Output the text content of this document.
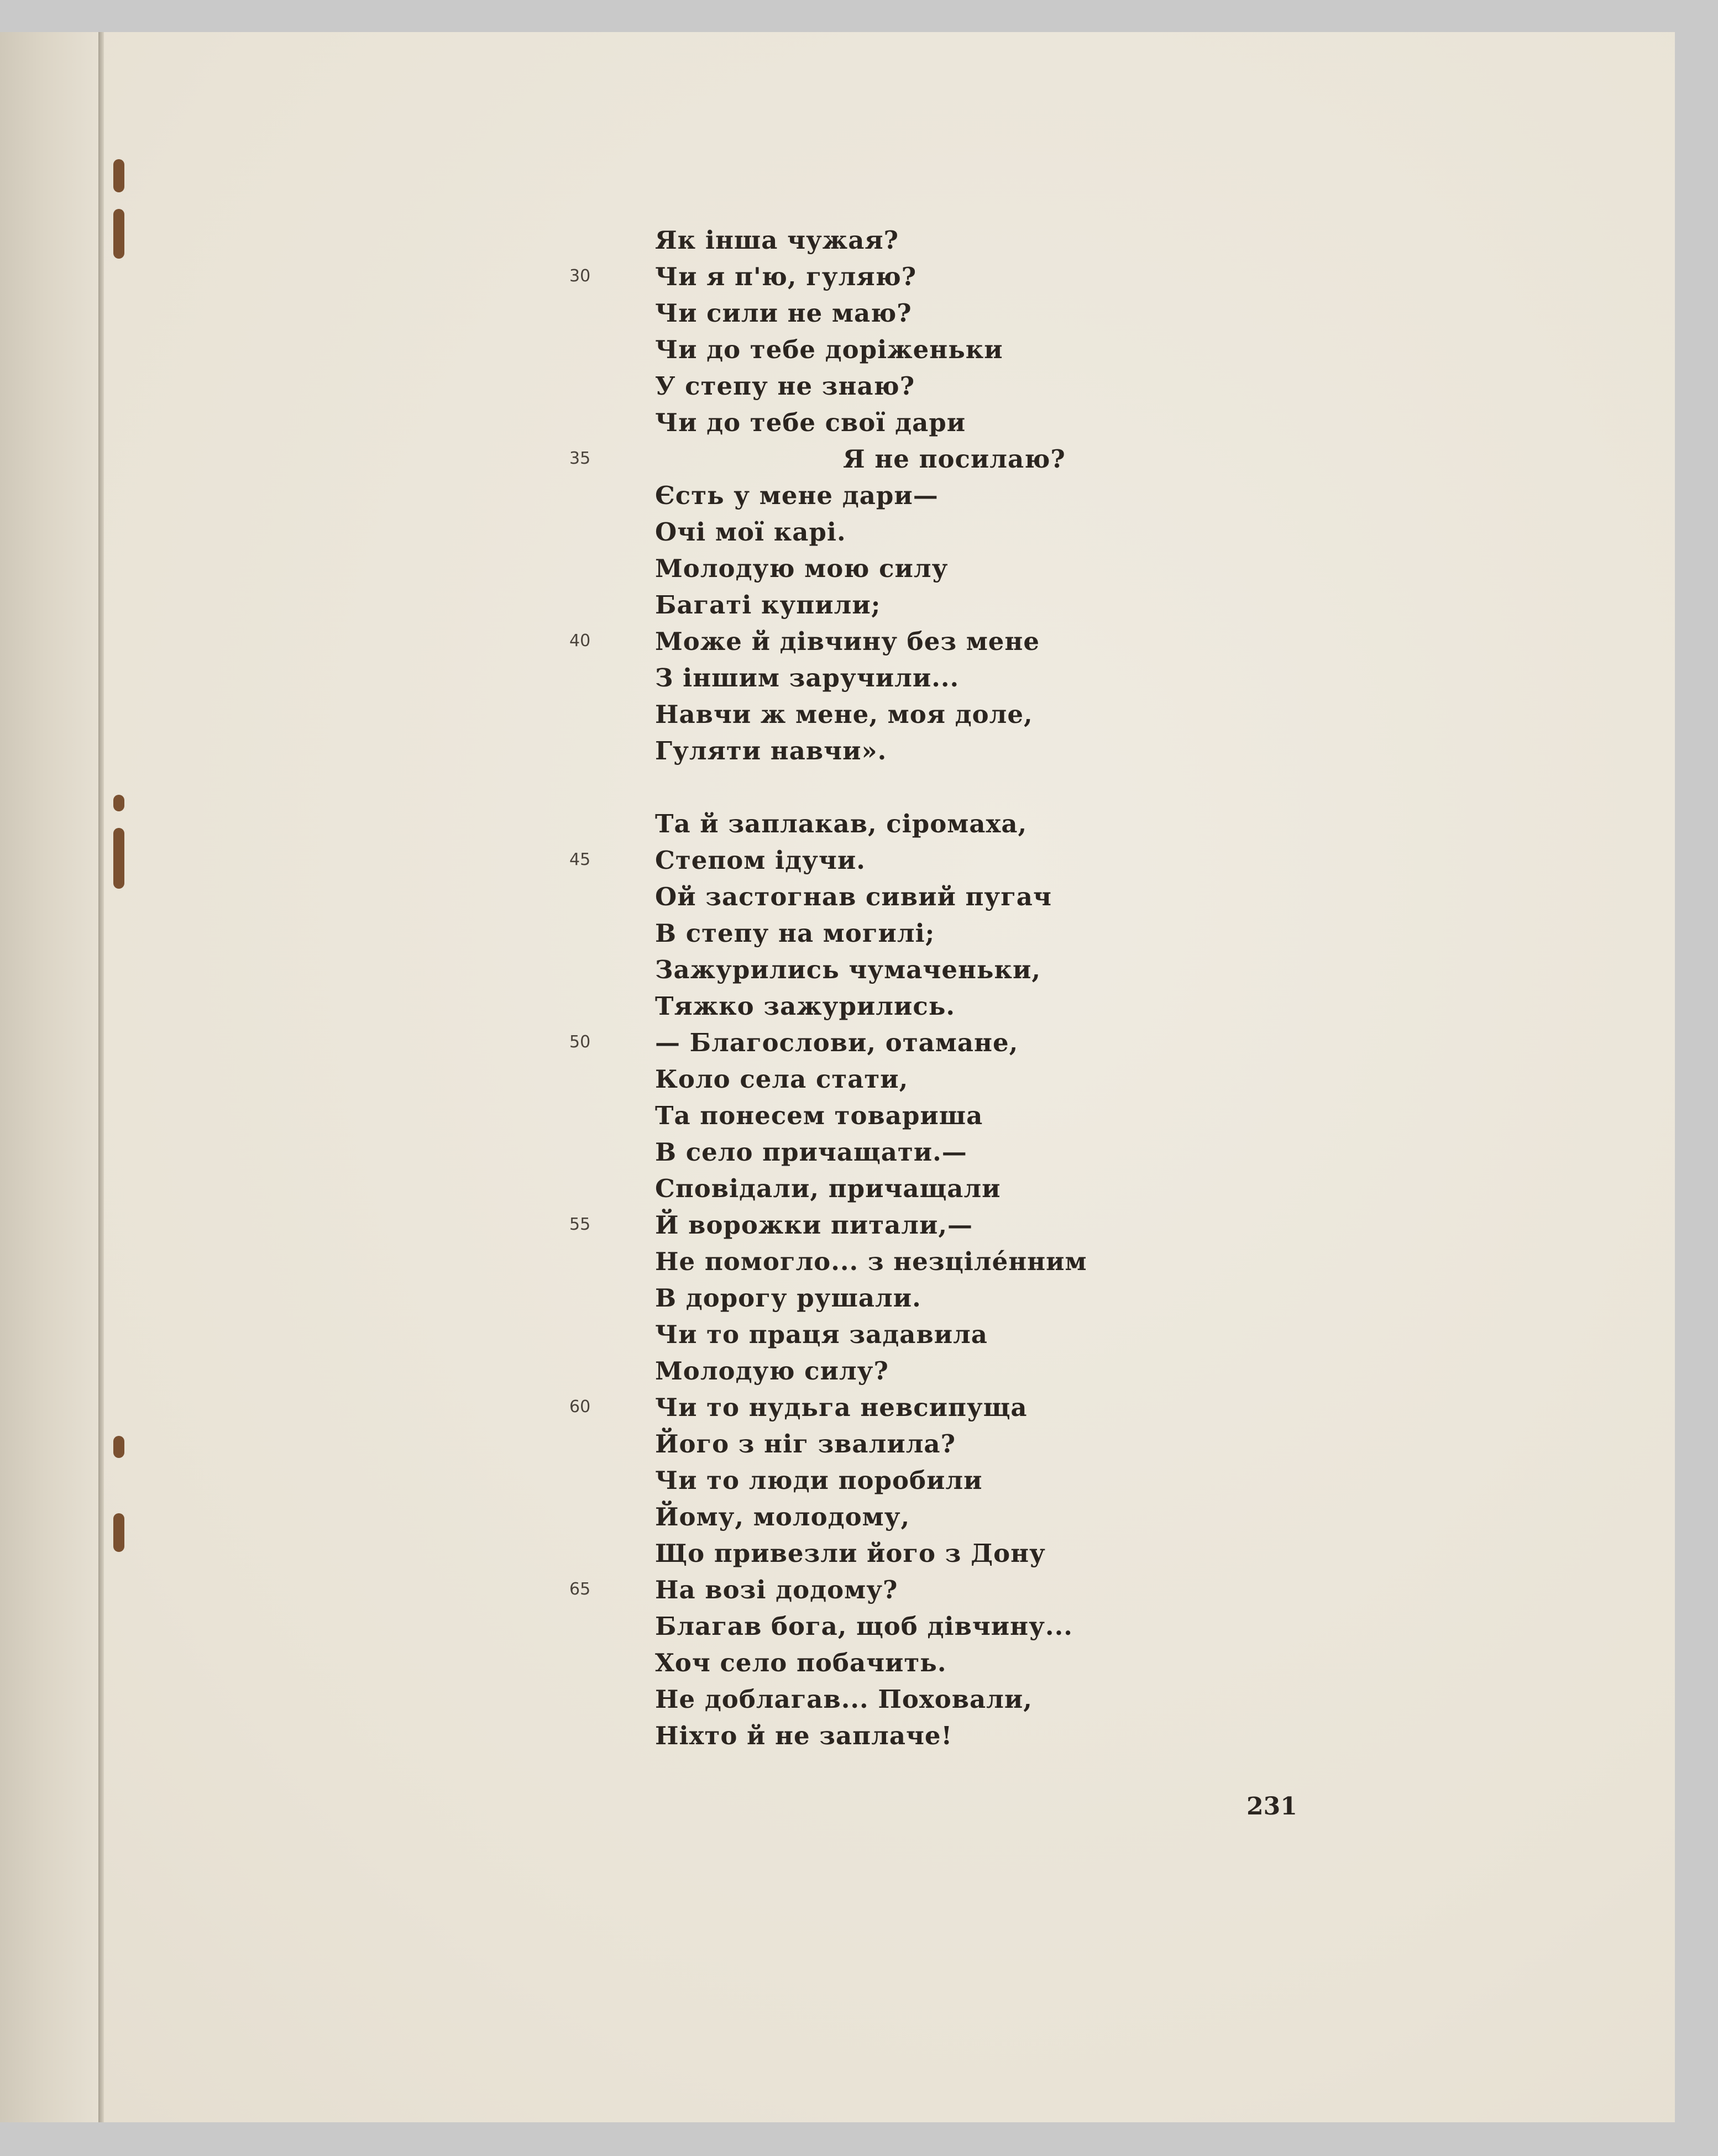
Як інша чужая?
Чи я п'ю, гуляю?
Чи сили не маю?
Чи до тебе доріженьки
У степу не знаю?
Чи до тебе свої дари
Я не посилаю?
Єсть у мене дари—
Очі мої карі.
Молодую мою силу
Багаті купили;
Може й дівчину без мене
З іншим заручили...
Навчи ж мене, моя доле,
Гуляти навчи».
Та й заплакав, сіромаха,
Степом ідучи.
Ой застогнав сивий пугач
В степу на могилі;
Зажурились чумаченьки,
Тяжко зажурились.
— Благослови, отамане,
Коло села стати,
Та понесем товариша
В село причащати.—
Сповідали, причащали
Й ворожки питали,—
Не помогло... з незцілéнним
В дорогу рушали.
Чи то праця задавила
Молодую силу?
Чи то нудьга невсипуща
Його з ніг звалила?
Чи то люди поробили
Йому, молодому,
Що привезли його з Дону
На возі додому?
Благав бога, щоб дівчину...
Хоч село побачить.
Не доблагав... Поховали,
Ніхто й не заплаче!
30
35
40
45
50
55
60
65
231
